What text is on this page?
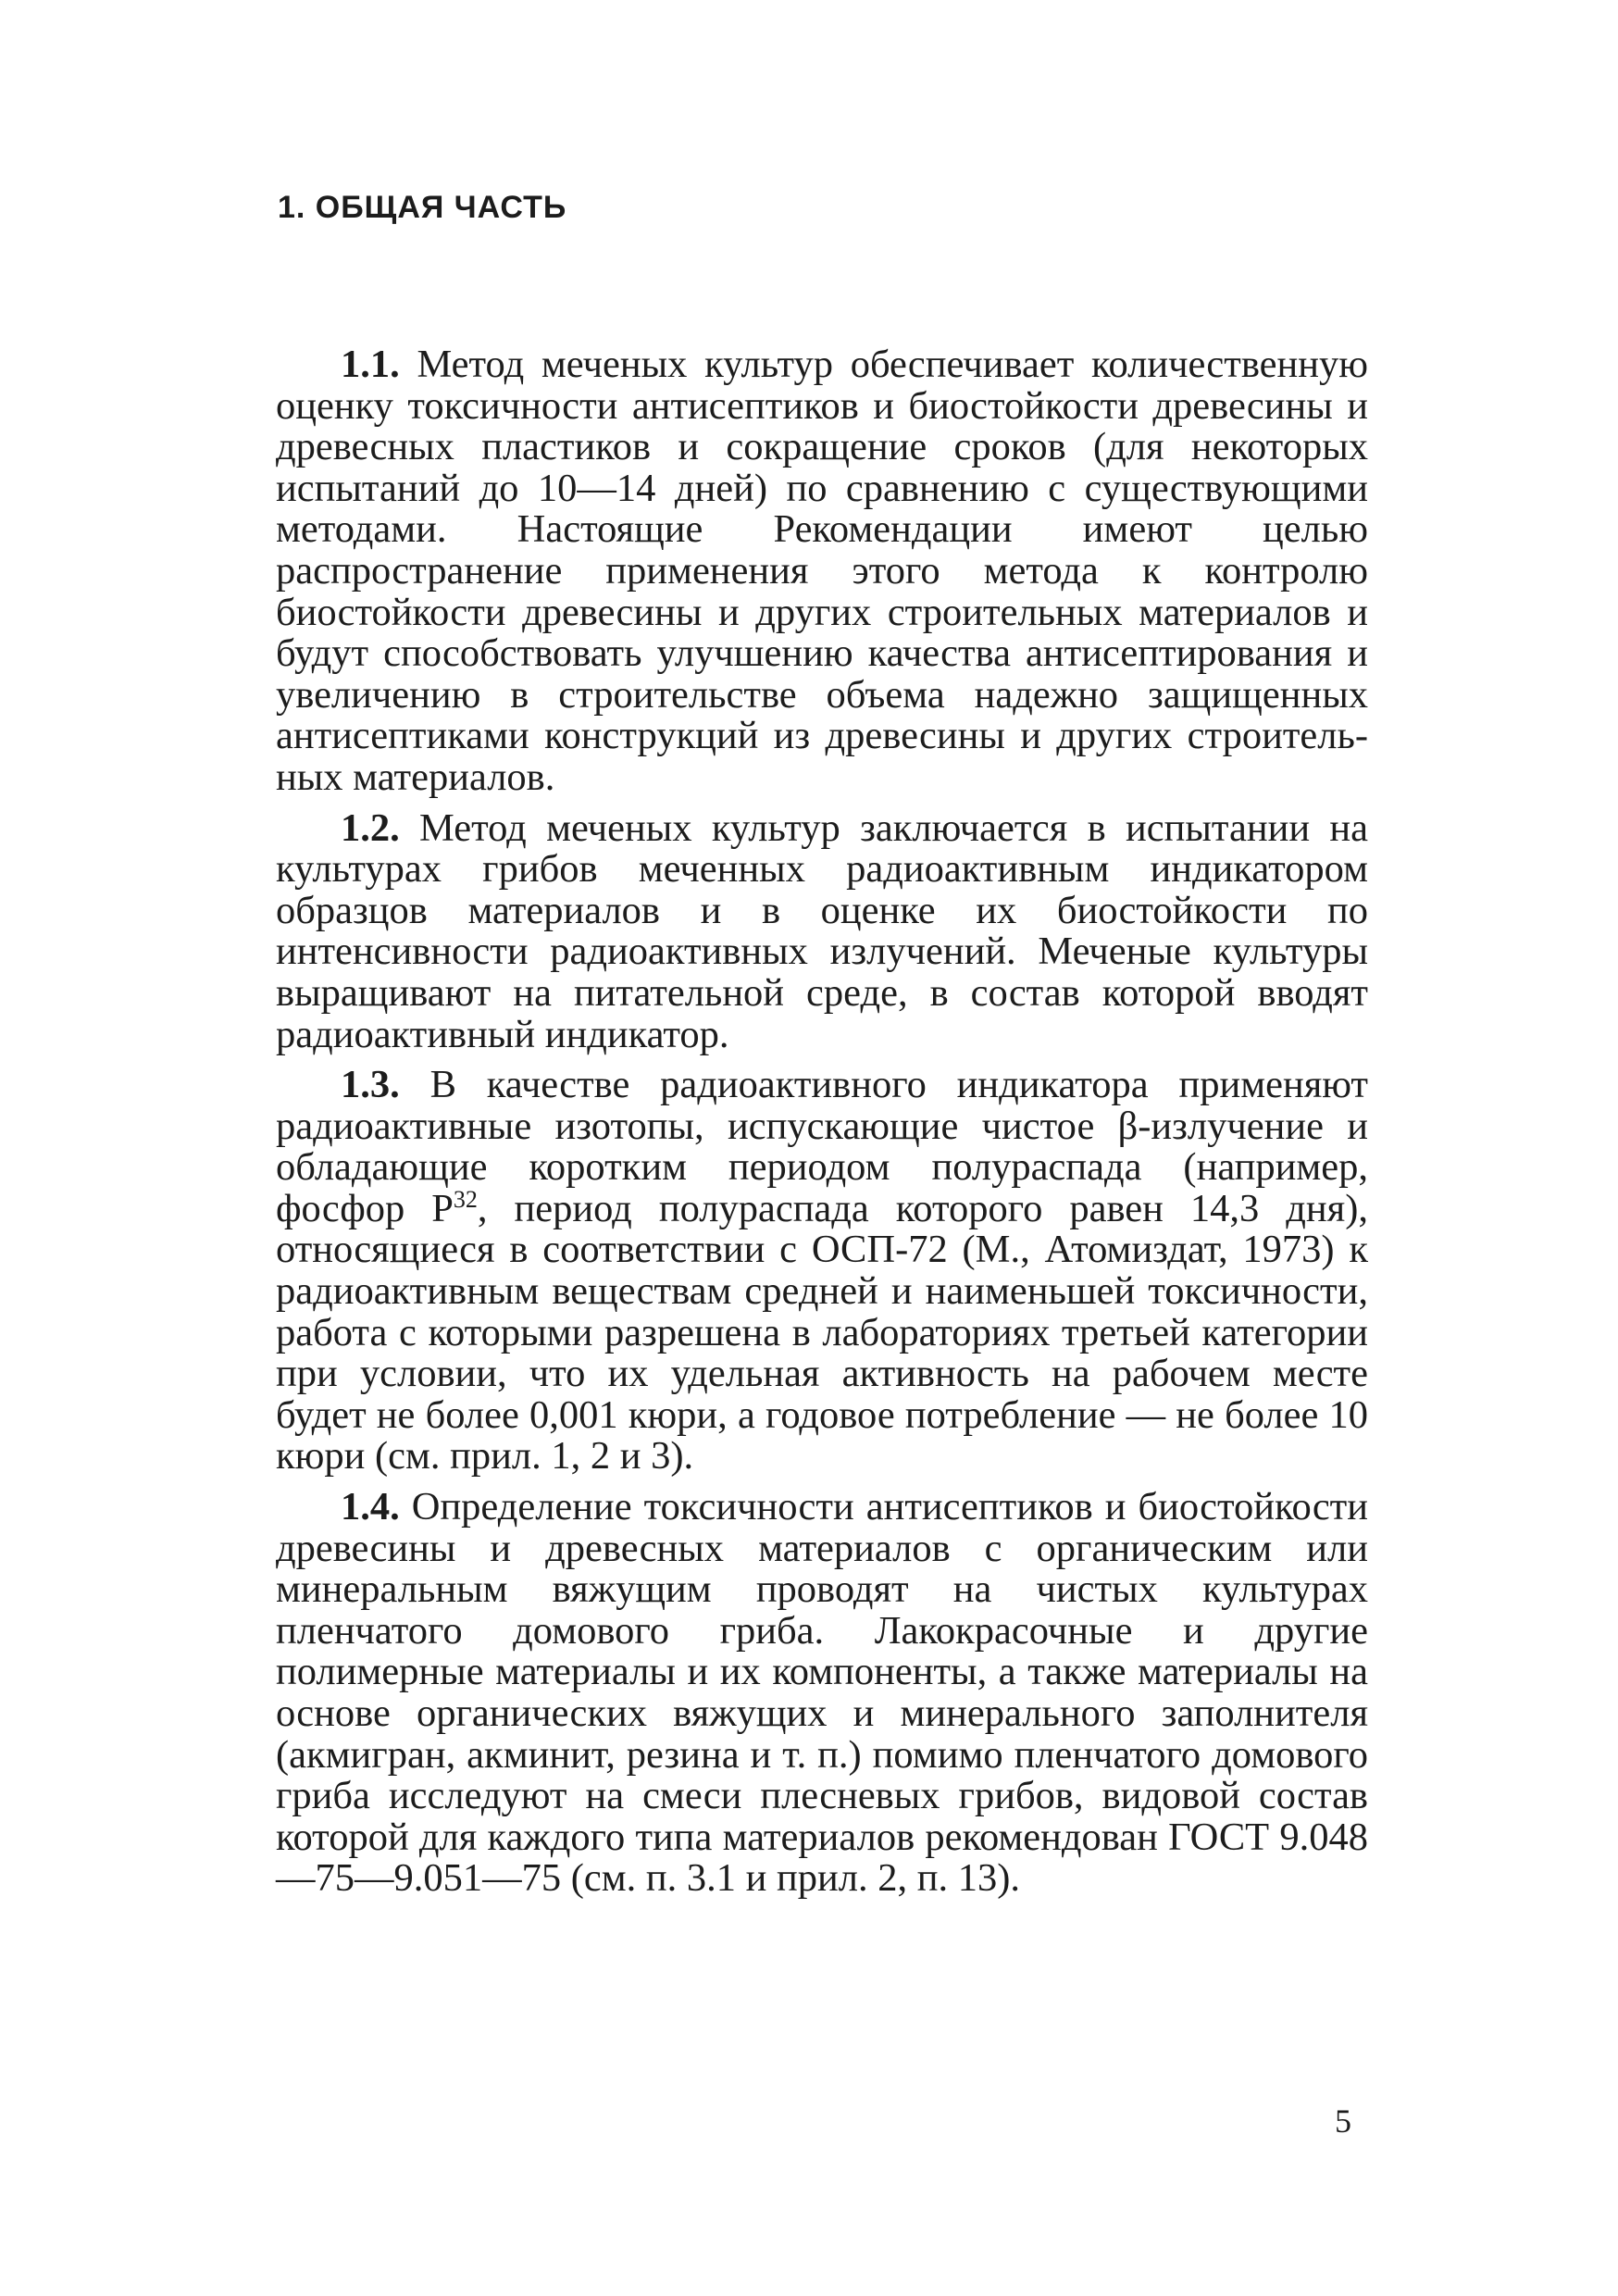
1. ОБЩАЯ ЧАСТЬ

1.1. Метод меченых культур обеспечивает количественную оценку токсичности антисептиков и биостойкости древесины и древесных пластиков и сокращение сроков (для некоторых испытаний до 10—14 дней) по сравнению с существующими методами. Настоящие Рекомендации имеют целью распространение применения этого метода к контролю биостойкости древесины и других строительных материалов и будут способствовать улучшению качества антисептирования и увеличению в строительстве объема надежно защищенных антисептиками конструкций из древесины и других строительных материалов.

1.2. Метод меченых культур заключается в испытании на культурах грибов меченных радиоактивным индикатором образцов материалов и в оценке их биостойкости по интенсивности радиоактивных излучений. Меченые культуры выращивают на питательной среде, в состав которой вводят радиоактивный индикатор.

1.3. В качестве радиоактивного индикатора применяют радиоактивные изотопы, испускающие чистое β-излучение и обладающие коротким периодом полураспада (например, фосфор $Р^{32}$, период полураспада которого равен 14,3 дня), относящиеся в соответствии с ОСП-72 (М., Атомиздат, 1973) к радиоактивным веществам средней и наименьшей токсичности, работа с которыми разрешена в лабораториях третьей категории при условии, что их удельная активность на рабочем месте будет не более 0,001 кюри, а годовое потребление — не более 10 кюри (см. прил. 1, 2 и 3).

1.4. Определение токсичности антисептиков и биостойкости древесины и древесных материалов с органическим или минеральным вяжущим проводят на чистых культурах пленчатого домового гриба. Лакокрасочные и другие полимерные материалы и их компоненты, а также материалы на основе органических вяжущих и минерального заполнителя (акмигран, акминит, резина и т. п.) помимо пленчатого домового гриба исследуют на смеси плесневых грибов, видовой состав которой для каждого типа материалов рекомендован ГОСТ 9.048—75—9.051—75 (см. п. 3.1 и прил. 2, п. 13).

5
